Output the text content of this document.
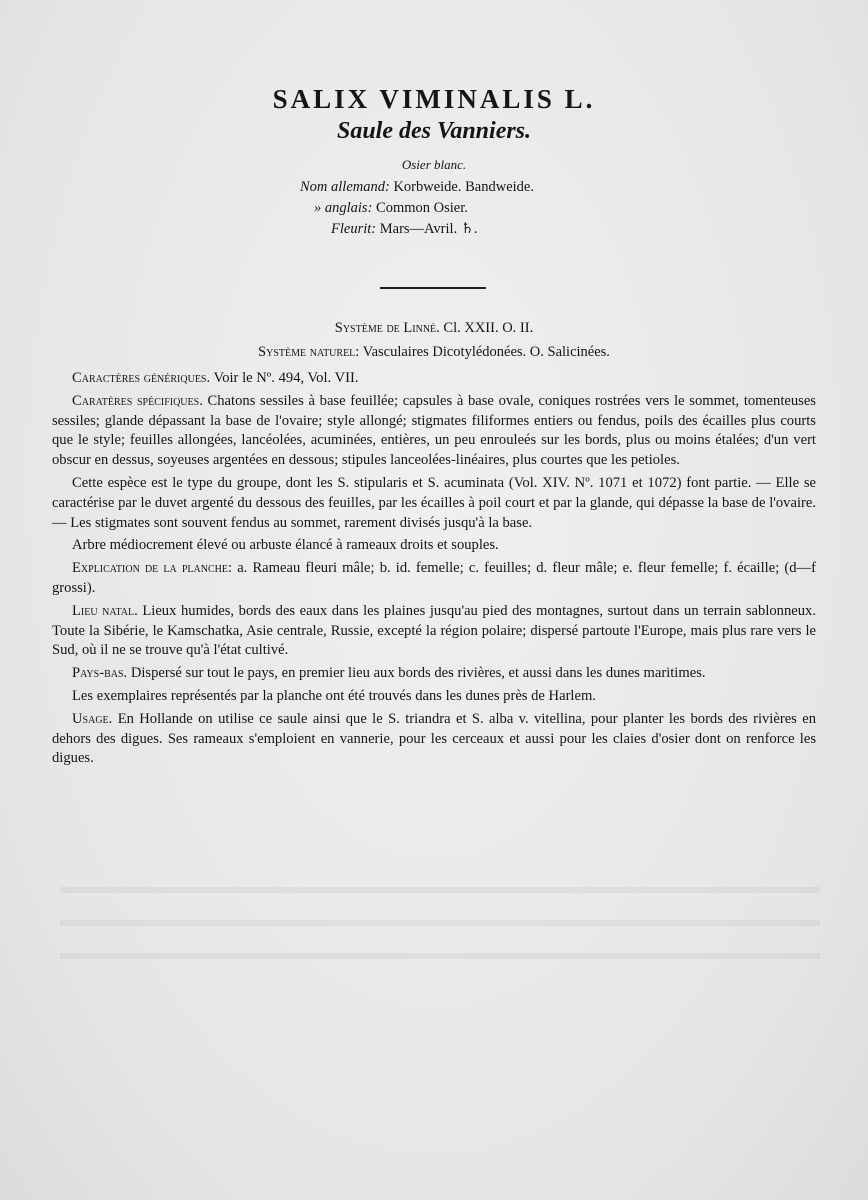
SALIX VIMINALIS L.
Saule des Vanniers.
Osier blanc.
Nom allemand: Korbweide. Bandweide.
» anglais: Common Osier.
Fleurit: Mars—Avril. ♄.
Système de Linné. Cl. XXII. O. II.
Système naturel: Vasculaires Dicotylédonées. O. Salicinées.

Caractères génériques. Voir le Nº. 494, Vol. VII.

Caratères spécifiques. Chatons sessiles à base feuillée; capsules à base ovale, coniques rostrées vers le sommet, tomenteuses sessiles; glande dépassant la base de l'ovaire; style allongé; stigmates filiformes entiers ou fendus, poils des écailles plus courts que le style; feuilles allongées, lancéolées, acuminées, entières, un peu enrouleés sur les bords, plus ou moins étalées; d'un vert obscur en dessus, soyeuses argentées en dessous; stipules lanceolées-linéaires, plus courtes que les petioles.

Cette espèce est le type du groupe, dont les S. stipularis et S. acuminata (Vol. XIV. Nº. 1071 et 1072) font partie. — Elle se caractérise par le duvet argenté du dessous des feuilles, par les écailles à poil court et par la glande, qui dépasse la base de l'ovaire. — Les stigmates sont souvent fendus au sommet, rarement divisés jusqu'à la base.

Arbre médiocrement élevé ou arbuste élancé à rameaux droits et souples.

Explication de la planche: a. Rameau fleuri mâle; b. id. femelle; c. feuilles; d. fleur mâle; e. fleur femelle; f. écaille; (d—f grossi).

Lieu natal. Lieux humides, bords des eaux dans les plaines jusqu'au pied des montagnes, surtout dans un terrain sablonneux. Toute la Sibérie, le Kamschatka, Asie centrale, Russie, excepté la région polaire; dispersé partoute l'Europe, mais plus rare vers le Sud, où il ne se trouve qu'à l'état cultivé.

Pays-bas. Dispersé sur tout le pays, en premier lieu aux bords des rivières, et aussi dans les dunes maritimes.

Les exemplaires représentés par la planche ont été trouvés dans les dunes près de Harlem.

Usage. En Hollande on utilise ce saule ainsi que le S. triandra et S. alba v. vitellina, pour planter les bords des rivières en dehors des digues. Ses rameaux s'emploient en vannerie, pour les cerceaux et aussi pour les claies d'osier dont on renforce les digues.
